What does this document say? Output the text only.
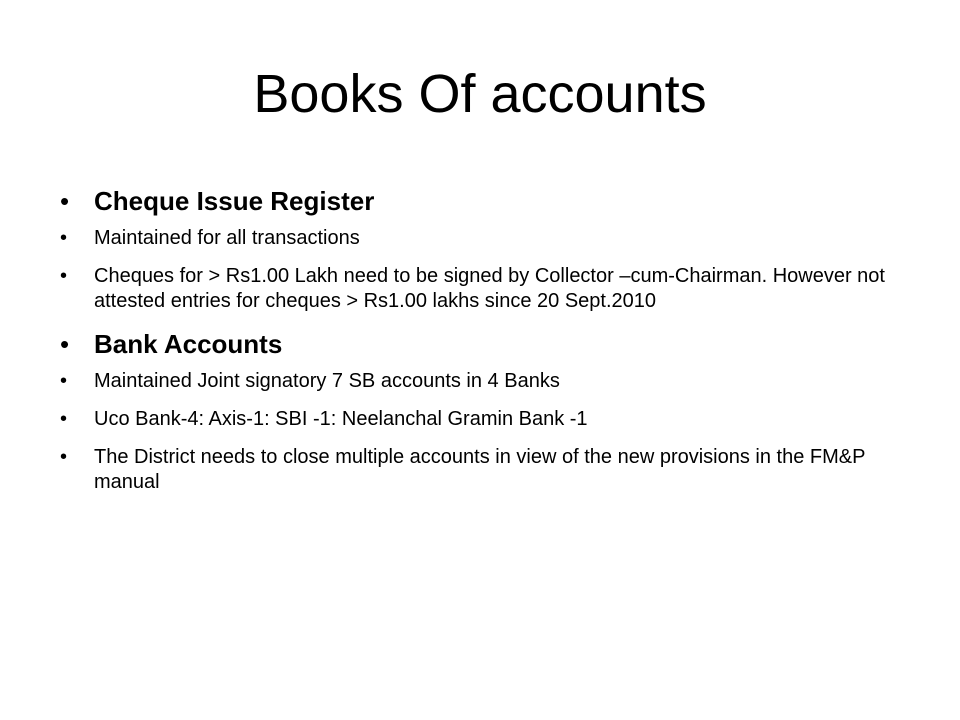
Books Of accounts
• Cheque Issue Register
• Maintained for all transactions
• Cheques for > Rs1.00 Lakh need to be signed by Collector –cum-Chairman. However not attested entries for cheques > Rs1.00 lakhs since 20 Sept.2010
• Bank Accounts
• Maintained Joint signatory 7 SB accounts in 4 Banks
• Uco Bank-4: Axis-1: SBI -1: Neelanchal Gramin Bank -1
• The District needs to close multiple accounts in view of the new provisions in the FM&P manual
